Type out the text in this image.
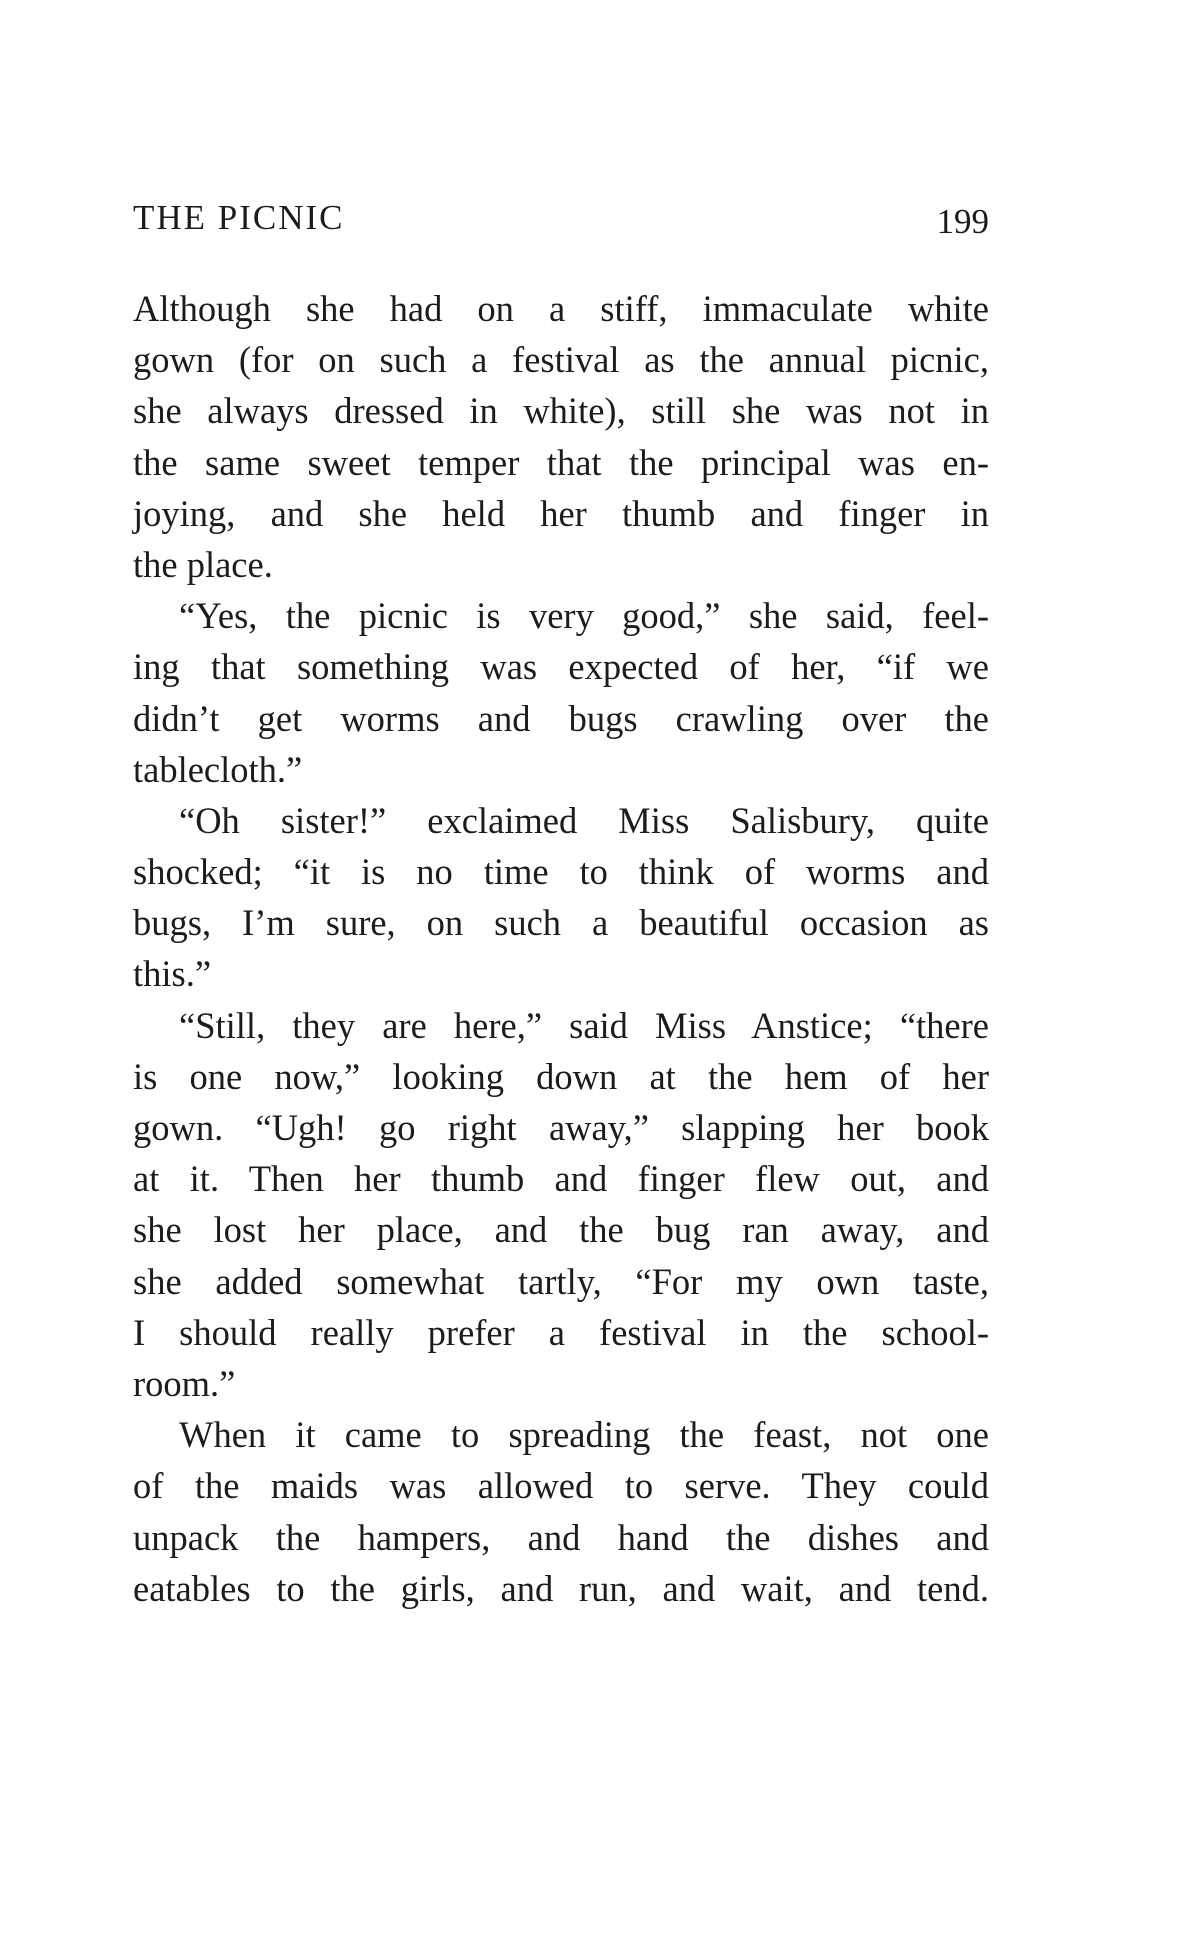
THE PICNIC	199
Although she had on a stiff, immaculate white
gown (for on such a festival as the annual picnic,
she always dressed in white), still she was not in
the same sweet temper that the principal was en-
joying, and she held her thumb and finger in
the place.
“Yes, the picnic is very good,” she said, feel-
ing that something was expected of her, “if we
didn’t get worms and bugs crawling over the
tablecloth.”
“Oh sister!” exclaimed Miss Salisbury, quite
shocked; “it is no time to think of worms and
bugs, I’m sure, on such a beautiful occasion as
this.”
“Still, they are here,” said Miss Anstice; “there
is one now,” looking down at the hem of her
gown. “Ugh! go right away,” slapping her book
at it. Then her thumb and finger flew out, and
she lost her place, and the bug ran away, and
she added somewhat tartly, “For my own taste,
I should really prefer a festival in the school-
room.”
When it came to spreading the feast, not one
of the maids was allowed to serve. They could
unpack the hampers, and hand the dishes and
eatables to the girls, and run, and wait, and tend.
